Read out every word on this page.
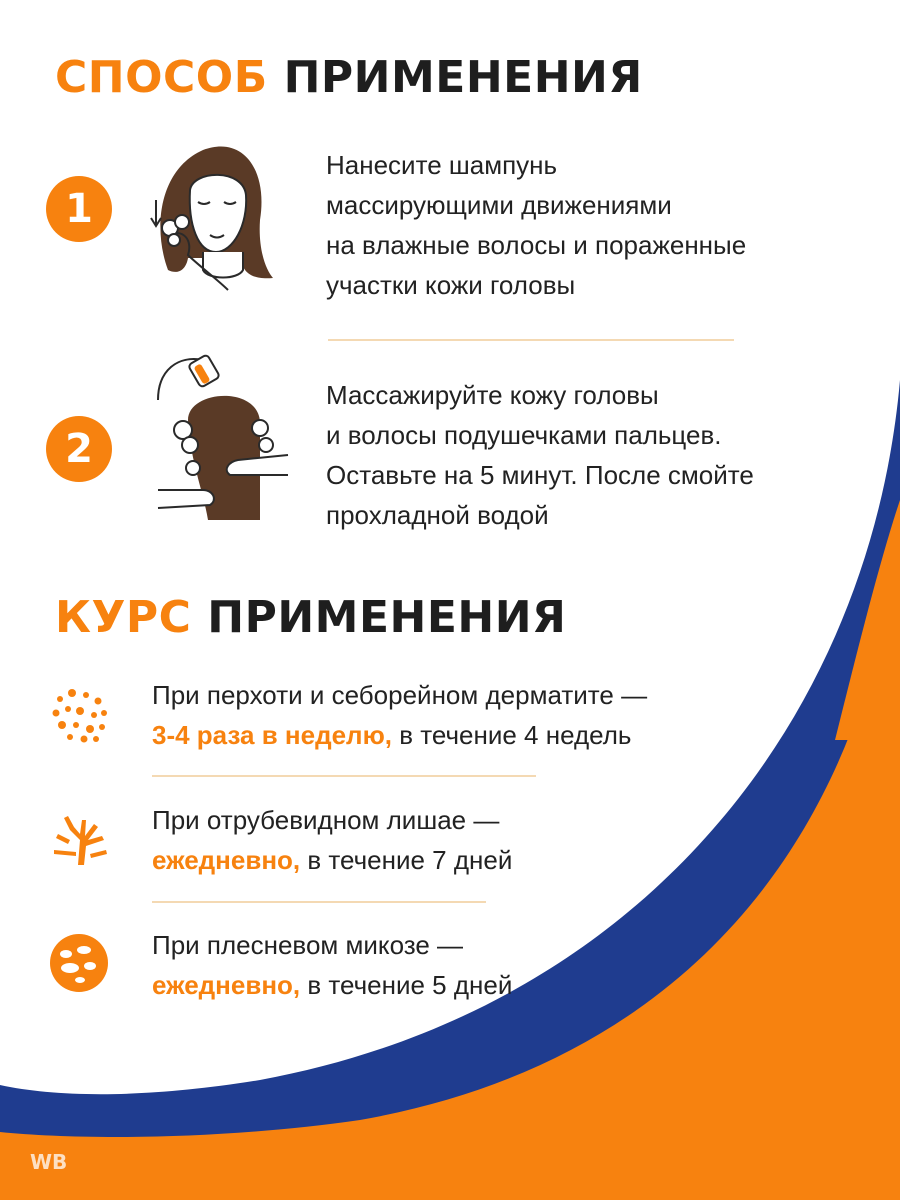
СПОСОБ ПРИМЕНЕНИЯ
1
Нанесите шампунь
массирующими движениями
на влажные волосы и пораженные
участки кожи головы
2
Массажируйте кожу головы
и волосы подушечками пальцев.
Оставьте на 5 минут. После смойте
прохладной водой
КУРС ПРИМЕНЕНИЯ
При перхоти и себорейном дерматите —
3-4 раза в неделю, в течение 4 недель
При отрубевидном лишае —
ежедневно, в течение 7 дней
При плесневом микозе —
ежедневно, в течение 5 дней
WB
